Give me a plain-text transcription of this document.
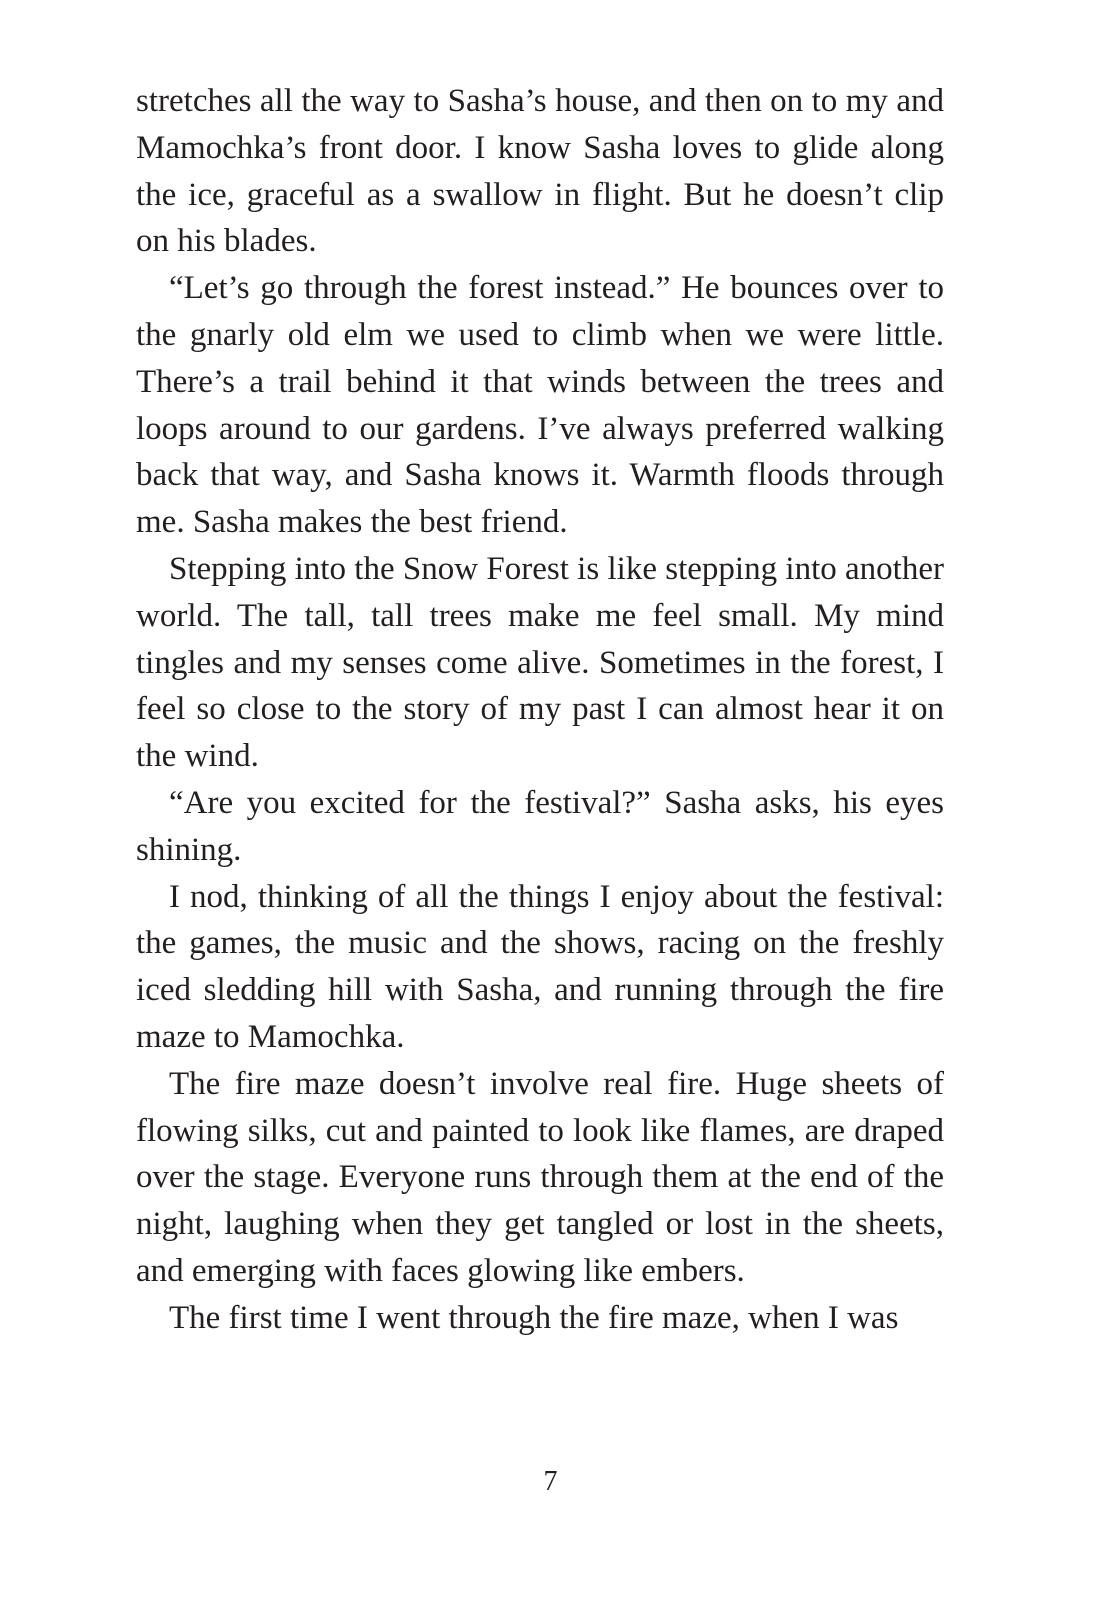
stretches all the way to Sasha’s house, and then on to my and Mamochka’s front door. I know Sasha loves to glide along the ice, graceful as a swallow in flight. But he doesn’t clip on his blades.

“Let’s go through the forest instead.” He bounces over to the gnarly old elm we used to climb when we were little. There’s a trail behind it that winds between the trees and loops around to our gardens. I’ve always preferred walking back that way, and Sasha knows it. Warmth floods through me. Sasha makes the best friend.

Stepping into the Snow Forest is like stepping into another world. The tall, tall trees make me feel small. My mind tingles and my senses come alive. Sometimes in the forest, I feel so close to the story of my past I can almost hear it on the wind.

“Are you excited for the festival?” Sasha asks, his eyes shining.

I nod, thinking of all the things I enjoy about the festival: the games, the music and the shows, racing on the freshly iced sledding hill with Sasha, and running through the fire maze to Mamochka.

The fire maze doesn’t involve real fire. Huge sheets of flowing silks, cut and painted to look like flames, are draped over the stage. Everyone runs through them at the end of the night, laughing when they get tangled or lost in the sheets, and emerging with faces glowing like embers.

The first time I went through the fire maze, when I was

7
